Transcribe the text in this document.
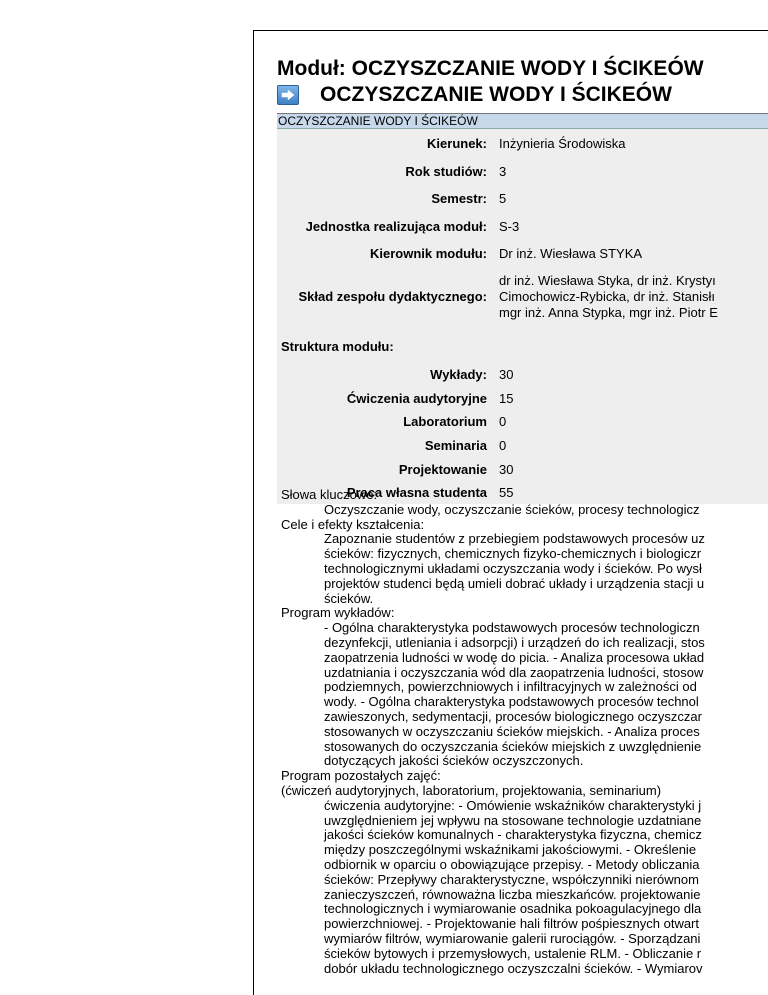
Moduł: OCZYSZCZANIE WODY I ŚCIKEÓW
OCZYSZCZANIE WODY I ŚCIKEÓW
OCZYSZCZANIE WODY I ŚCIKEÓW
Kierunek: Inżynieria Środowiska
Rok studiów: 3
Semestr: 5
Jednostka realizująca moduł: S-3
Kierownik modułu: Dr inż. Wiesława STYKA
Skład zespołu dydaktycznego:
dr inż. Wiesława Styka, dr inż. Krystyı
Cimochowicz-Rybicka, dr inż. Stanisłı
mgr inż. Anna Stypka, mgr inż. Piotr E
Struktura modułu:
Wykłady: 30
Ćwiczenia audytoryjne 15
Laboratorium 0
Seminaria 0
Projektowanie 30
Praca własna studenta 55
Słowa kluczowe:
Oczyszczanie wody, oczyszczanie ścieków, procesy technologicz
Cele i efekty kształcenia:
Zapoznanie studentów z przebiegiem podstawowych procesów uz
ścieków: fizycznych, chemicznych fizyko-chemicznych i biologiczr
technologicznymi układami oczyszczania wody i ścieków. Po wysł
projektów studenci będą umieli dobrać układy i urządzenia stacji u
ścieków.
Program wykładów:
- Ogólna charakterystyka podstawowych procesów technologiczn
dezynfekcji, utleniania i adsorpcji) i urządzeń do ich realizacji, stos
zaopatrzenia ludności w wodę do picia. - Analiza procesowa układ
uzdatniania i oczyszczania wód dla zaopatrzenia ludności, stosow
podziemnych, powierzchniowych i infiltracyjnych w zależności od
wody. - Ogólna charakterystyka podstawowych procesów technol
zawieszonych, sedymentacji, procesów biologicznego oczyszczar
stosowanych w oczyszczaniu ścieków miejskich. - Analiza proces
stosowanych do oczyszczania ścieków miejskich z uwzględnienie
dotyczących jakości ścieków oczyszczonych.
Program pozostałych zajęć:
(ćwiczeń audytoryjnych, laboratorium, projektowania, seminarium)
ćwiczenia audytoryjne: - Omówienie wskaźników charakterystyki j
uwzględnieniem jej wpływu na stosowane technologie uzdatniane
jakości ścieków komunalnych - charakterystyka fizyczna, chemicz
między poszczególnymi wskaźnikami jakościowymi. - Określenie
odbiornik w oparciu o obowiązujące przepisy. - Metody obliczania
ścieków: Przepływy charakterystyczne, współczynniki nierównom
zanieczyszczeń, równoważna liczba mieszkańców. projektowanie
technologicznych i wymiarowanie osadnika pokoagulacyjnego dla
powierzchniowej. - Projektowanie hali filtrów pośpiesznych otwart
wymiarów filtrów, wymiarowanie galerii rurociągów. - Sporządzani
ścieków bytowych i przemysłowych, ustalenie RLM. - Obliczanie r
dobór układu technologicznego oczyszczalni ścieków. - Wymiarov
